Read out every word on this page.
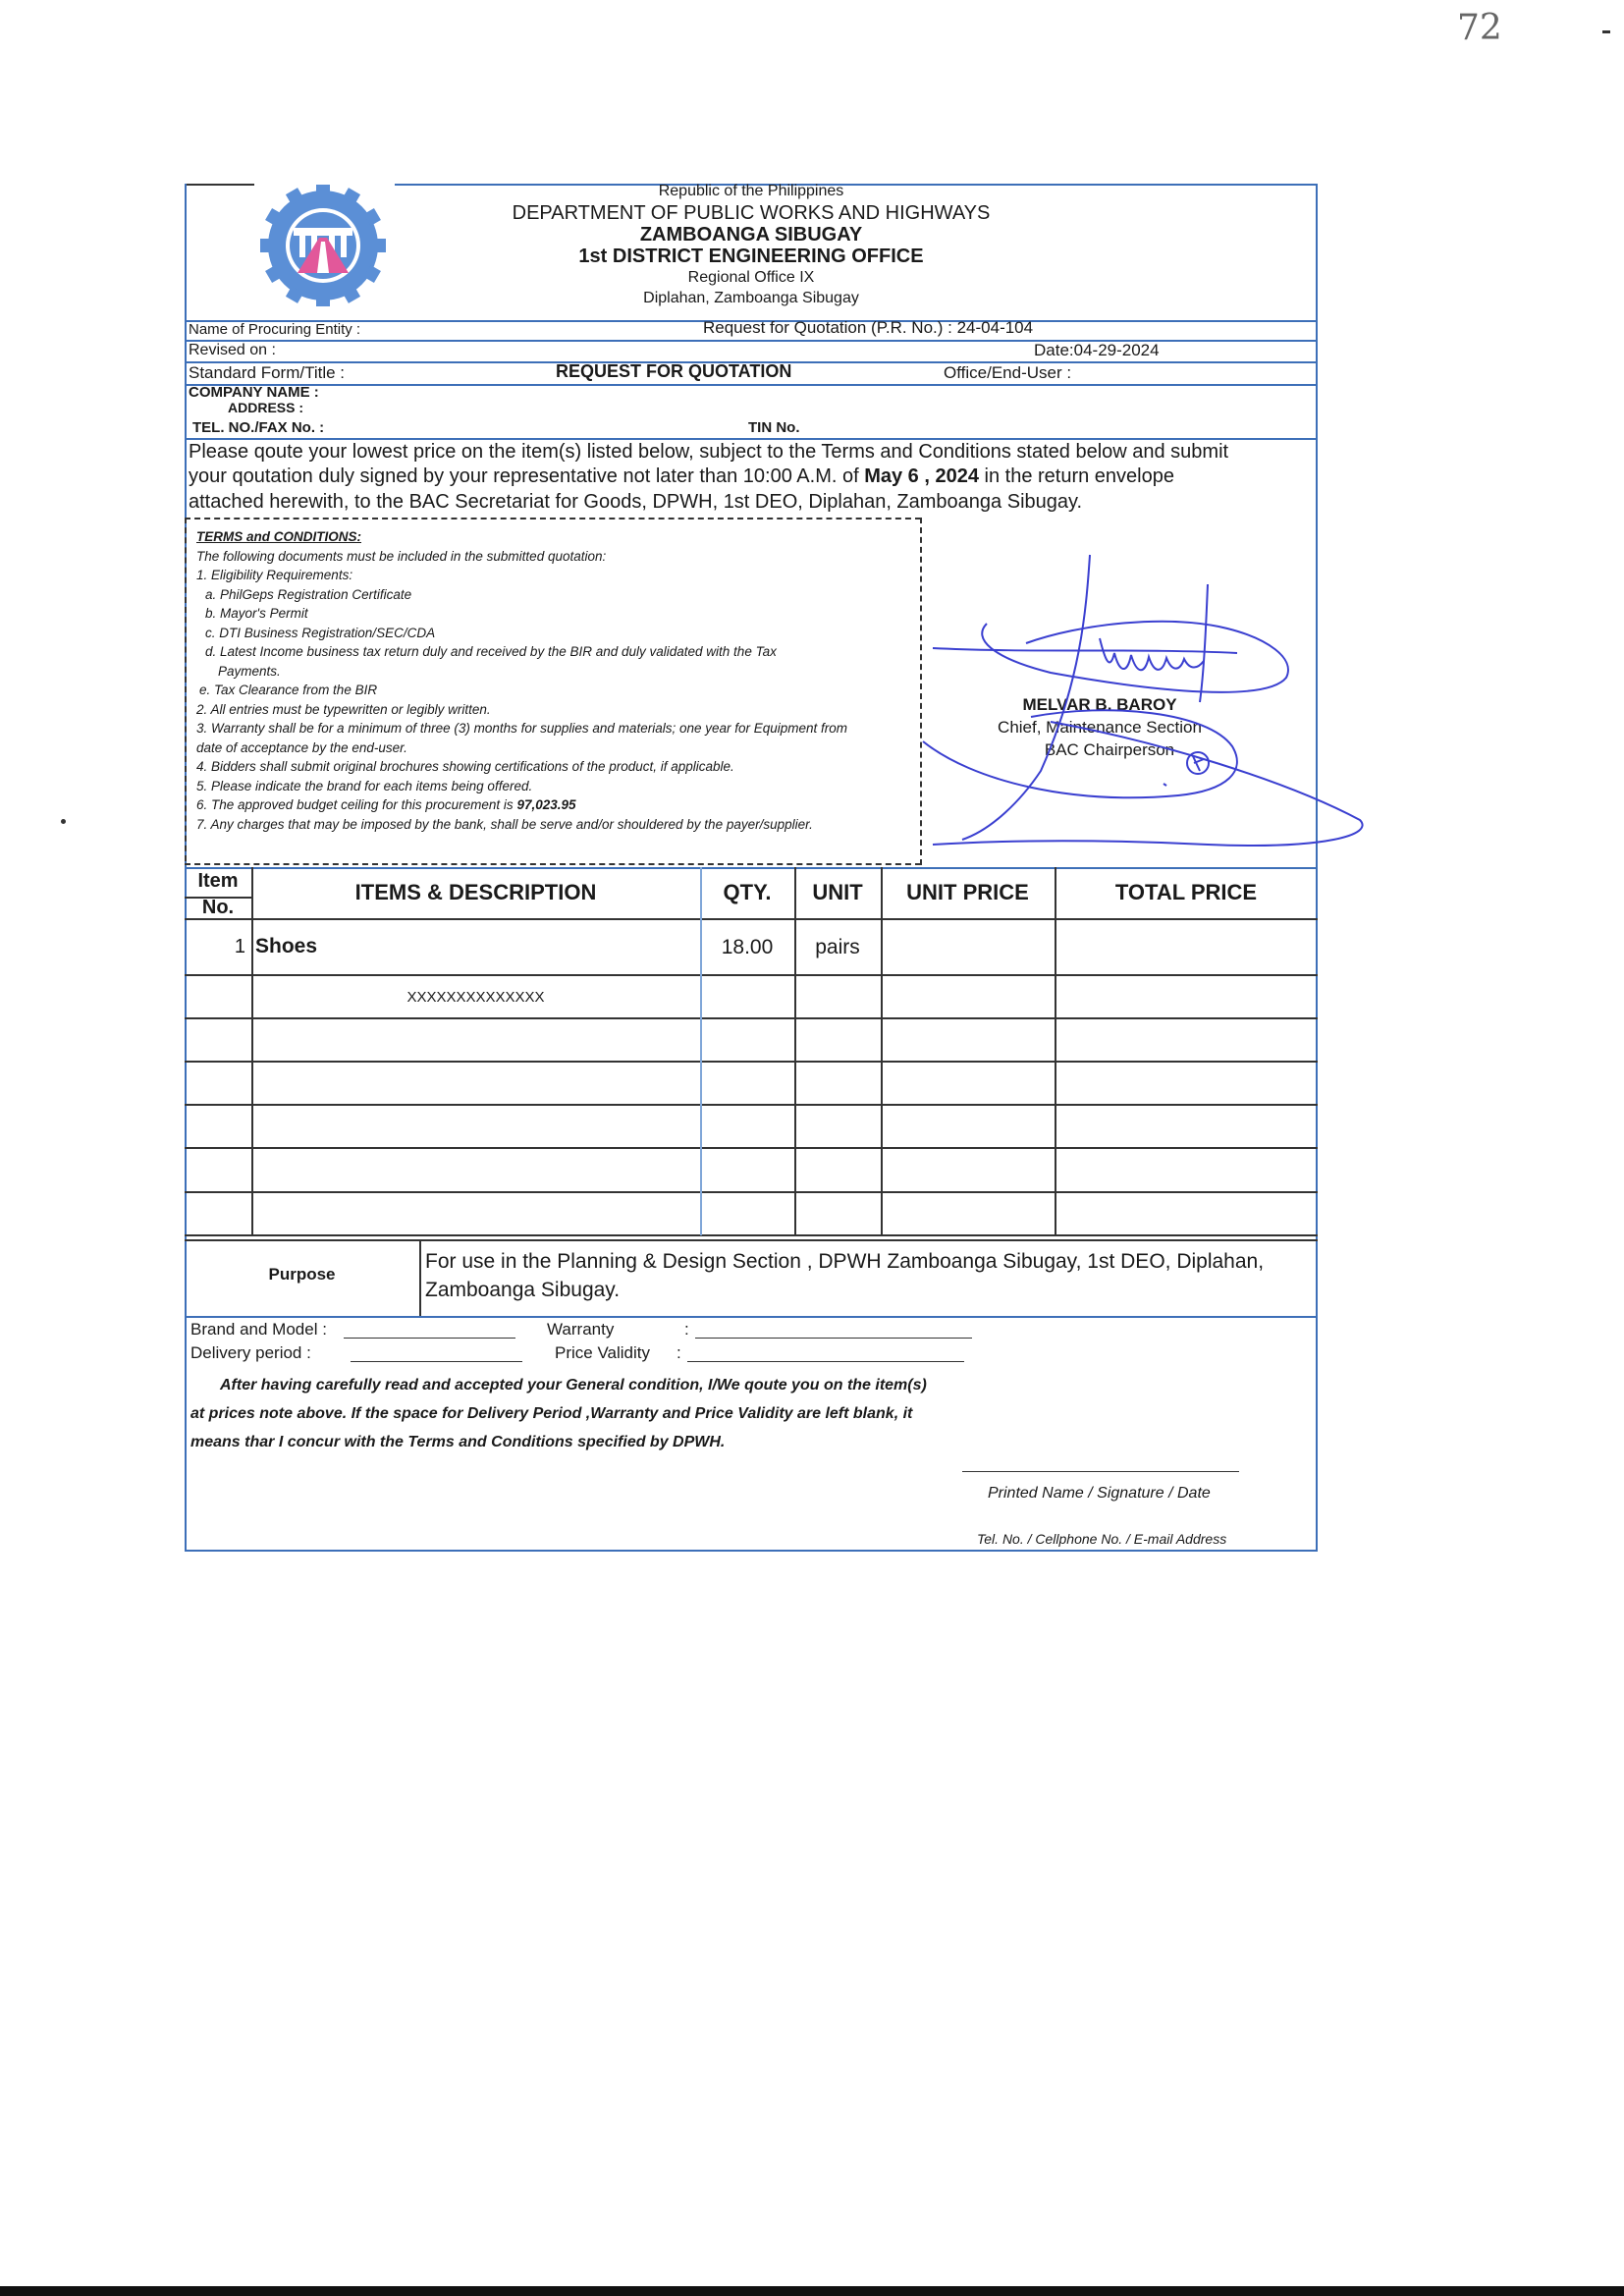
72
Republic of the Philippines
DEPARTMENT OF PUBLIC WORKS AND HIGHWAYS
ZAMBOANGA SIBUGAY
1st DISTRICT ENGINEERING OFFICE
Regional Office IX
Diplahan, Zamboanga Sibugay
Name of Procuring Entity :	Request for Quotation (P.R. No.) : 24-04-104
Revised on :	Date:04-29-2024
Standard Form/Title :	REQUEST FOR QUOTATION	Office/End-User :
COMPANY NAME :
ADDRESS :
TEL. NO./FAX No. :	TIN No.
Please qoute your lowest price on the item(s) listed below, subject to the Terms and Conditions stated below and submit
your qoutation duly signed by your representative not later than 10:00 A.M. of May 6 , 2024 in the return envelope
attached herewith, to the BAC Secretariat for Goods, DPWH, 1st DEO, Diplahan, Zamboanga Sibugay.
TERMS and CONDITIONS:
The following documents must be included in the submitted quotation:
1. Eligibility Requirements:
a. PhilGeps Registration Certificate
b. Mayor's Permit
c. DTI Business Registration/SEC/CDA
d. Latest Income business tax return duly and received by the BIR and duly validated with the Tax
Payments.
e. Tax Clearance from the BIR
2. All entries must be typewritten or legibly written.
3. Warranty shall be for a minimum of three (3) months for supplies and materials; one year for Equipment from
date of acceptance by the end-user.
4. Bidders shall submit original brochures showing certifications of the product, if applicable.
5. Please indicate the brand for each items being offered.
6. The approved budget ceiling for this procurement is 97,023.95
7. Any charges that may be imposed by the bank, shall be serve and/or shouldered by the payer/supplier.
MELVAR B. BAROY
Chief, Maintenance Section
BAC Chairperson
Item
No.
ITEMS & DESCRIPTION	QTY.	UNIT	UNIT PRICE	TOTAL PRICE
1 Shoes	18.00	pairs
XXXXXXXXXXXXXX
Purpose
For use in the Planning & Design Section , DPWH Zamboanga Sibugay, 1st DEO, Diplahan,
Zamboanga Sibugay.
Brand and Model :	Warranty	:
Delivery period :	Price Validity :
After having carefully read and accepted your General condition, I/We qoute you on the item(s)
at prices note above. If the space for Delivery Period ,Warranty and Price Validity are left blank, it
means thar I concur with the Terms and Conditions specified by DPWH.
Printed Name / Signature / Date
Tel. No. / Cellphone No. / E-mail Address
